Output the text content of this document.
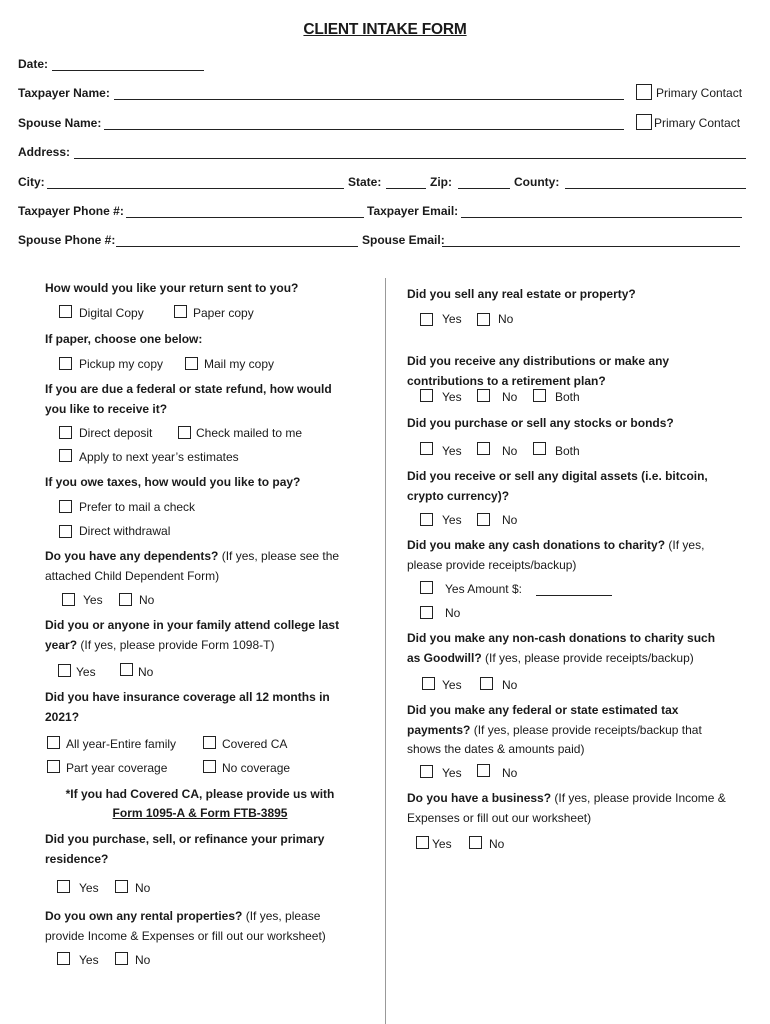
CLIENT INTAKE FORM
Date:
Taxpayer Name:	Primary Contact
Spouse Name:	Primary Contact
Address:
City:	State:	Zip:	County:
Taxpayer Phone #:	Taxpayer Email:
Spouse Phone #:	Spouse Email:
How would you like your return sent to you?
Digital Copy	Paper copy
If paper, choose one below:
Pickup my copy	Mail my copy
If you are due a federal or state refund, how would you like to receive it?
Direct deposit	Check mailed to me
Apply to next year’s estimates
If you owe taxes, how would you like to pay?
Prefer to mail a check
Direct withdrawal
Do you have any dependents? (If yes, please see the attached Child Dependent Form)
Yes	No
Did you or anyone in your family attend college last year? (If yes, please provide Form 1098-T)
Yes	No
Did you have insurance coverage all 12 months in 2021?
All year-Entire family	Covered CA
Part year coverage	No coverage
*If you had Covered CA, please provide us with
Form 1095-A & Form FTB-3895
Did you purchase, sell, or refinance your primary residence?
Yes	No
Do you own any rental properties? (If yes, please provide Income & Expenses or fill out our worksheet)
Yes	No
Did you sell any real estate or property?
Yes	No
Did you receive any distributions or make any contributions to a retirement plan?
Yes	No	Both
Did you purchase or sell any stocks or bonds?
Yes	No	Both
Did you receive or sell any digital assets (i.e. bitcoin, crypto currency)?
Yes	No
Did you make any cash donations to charity? (If yes, please provide receipts/backup)
Yes Amount $:
No
Did you make any non-cash donations to charity such as Goodwill? (If yes, please provide receipts/backup)
Yes	No
Did you make any federal or state estimated tax payments? (If yes, please provide receipts/backup that shows the dates & amounts paid)
Yes	No
Do you have a business? (If yes, please provide Income & Expenses or fill out our worksheet)
Yes	No
